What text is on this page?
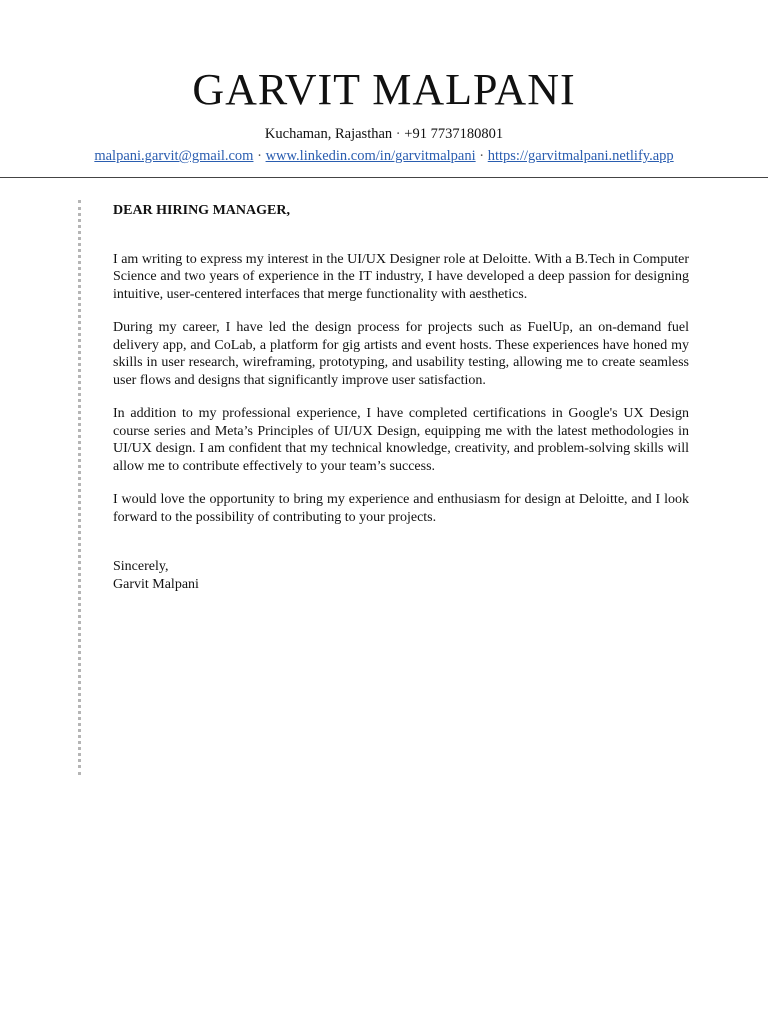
GARVIT MALPANI
Kuchaman, Rajasthan · +91 7737180801
malpani.garvit@gmail.com · www.linkedin.com/in/garvitmalpani · https://garvitmalpani.netlify.app

DEAR HIRING MANAGER,

I am writing to express my interest in the UI/UX Designer role at Deloitte. With a B.Tech in Computer Science and two years of experience in the IT industry, I have developed a deep passion for designing intuitive, user-centered interfaces that merge functionality with aesthetics.

During my career, I have led the design process for projects such as FuelUp, an on-demand fuel delivery app, and CoLab, a platform for gig artists and event hosts. These experiences have honed my skills in user research, wireframing, prototyping, and usability testing, allowing me to create seamless user flows and designs that significantly improve user satisfaction.

In addition to my professional experience, I have completed certifications in Google's UX Design course series and Meta’s Principles of UI/UX Design, equipping me with the latest methodologies in UI/UX design. I am confident that my technical knowledge, creativity, and problem-solving skills will allow me to contribute effectively to your team’s success.

I would love the opportunity to bring my experience and enthusiasm for design at Deloitte, and I look forward to the possibility of contributing to your projects.

Sincerely,
Garvit Malpani
